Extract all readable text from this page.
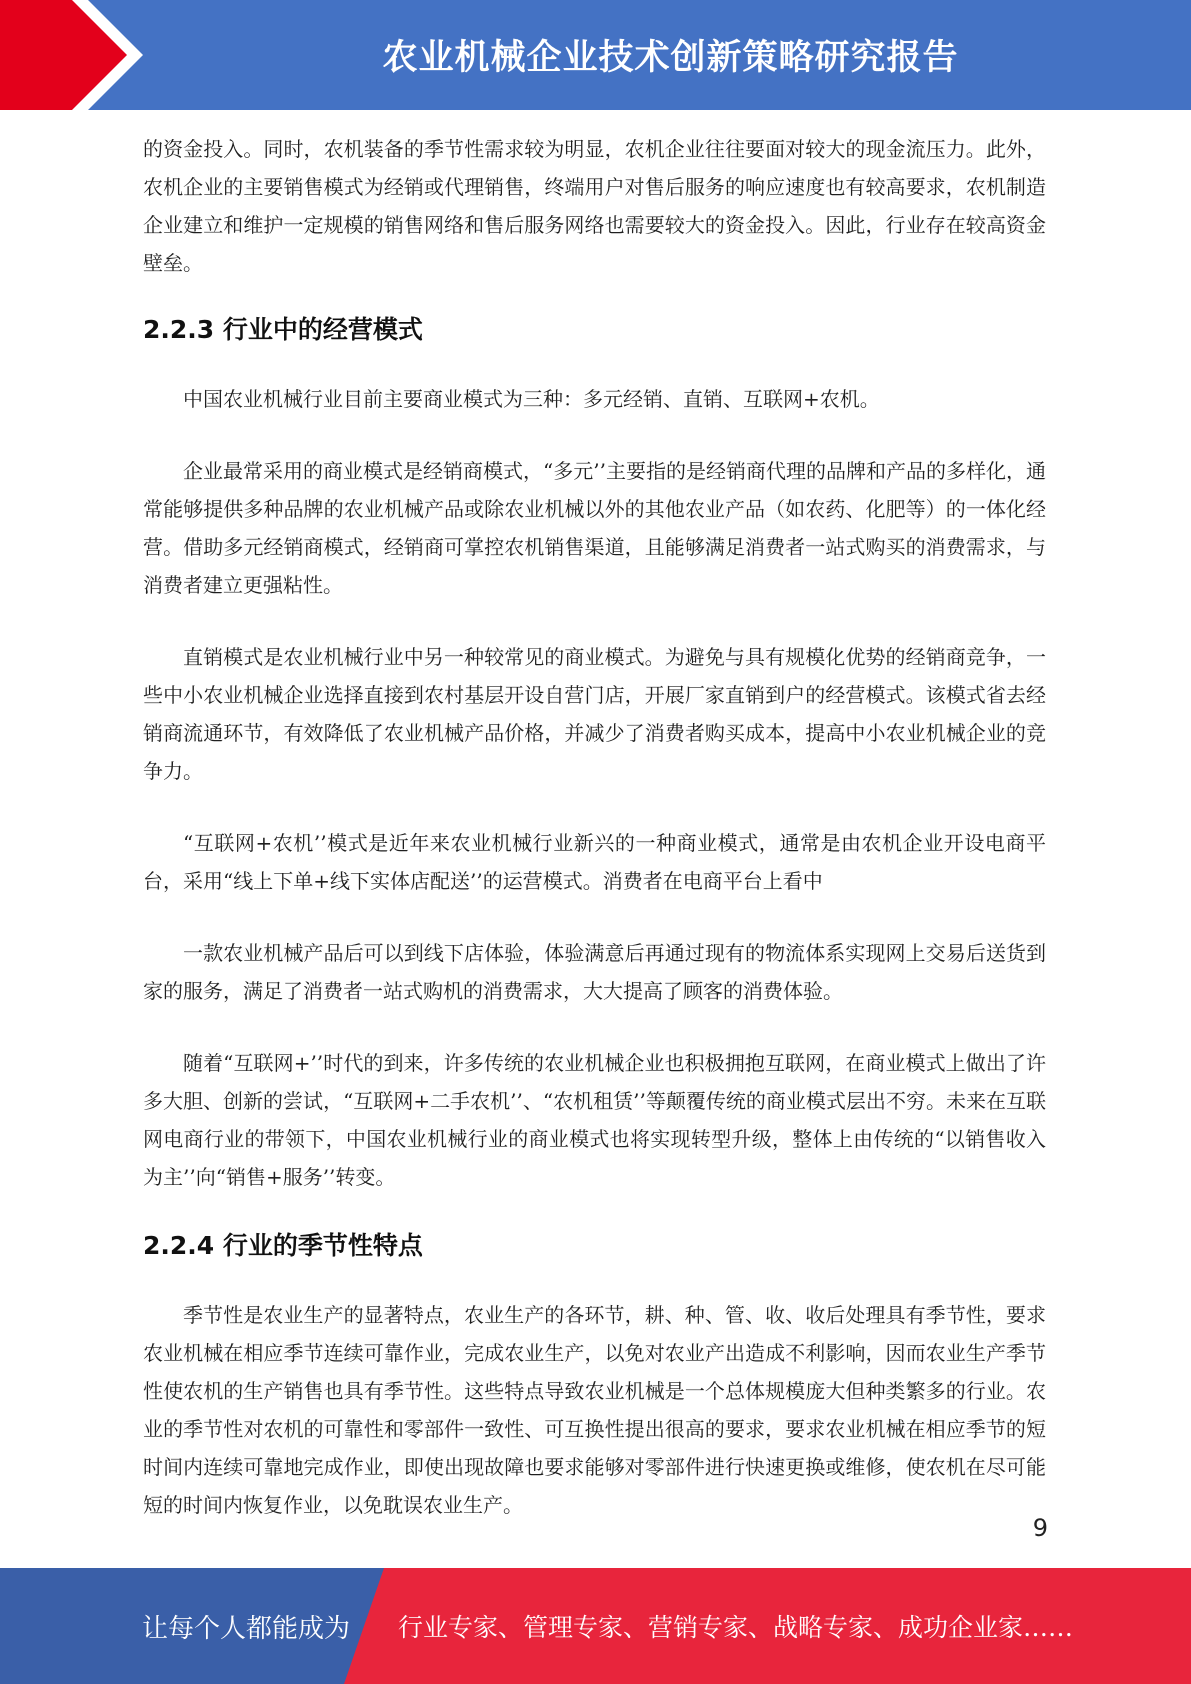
农业机械企业技术创新策略研究报告

的资金投入。同时，农机装备的季节性需求较为明显，农机企业往往要面对较大的现金流压力。此外，农机企业的主要销售模式为经销或代理销售，终端用户对售后服务的响应速度也有较高要求，农机制造企业建立和维护一定规模的销售网络和售后服务网络也需要较大的资金投入。因此，行业存在较高资金壁垒。

2.2.3 行业中的经营模式

中国农业机械行业目前主要商业模式为三种：多元经销、直销、互联网+农机。

企业最常采用的商业模式是经销商模式，“多元’’主要指的是经销商代理的品牌和产品的多样化，通常能够提供多种品牌的农业机械产品或除农业机械以外的其他农业产品（如农药、化肥等）的一体化经营。借助多元经销商模式，经销商可掌控农机销售渠道，且能够满足消费者一站式购买的消费需求，与消费者建立更强粘性。

直销模式是农业机械行业中另一种较常见的商业模式。为避免与具有规模化优势的经销商竞争，一些中小农业机械企业选择直接到农村基层开设自营门店，开展厂家直销到户的经营模式。该模式省去经销商流通环节，有效降低了农业机械产品价格，并减少了消费者购买成本，提高中小农业机械企业的竞争力。

“互联网+农机’’模式是近年来农业机械行业新兴的一种商业模式，通常是由农机企业开设电商平台，采用“线上下单+线下实体店配送’’的运营模式。消费者在电商平台上看中

一款农业机械产品后可以到线下店体验，体验满意后再通过现有的物流体系实现网上交易后送货到家的服务，满足了消费者一站式购机的消费需求，大大提高了顾客的消费体验。

随着“互联网+’’时代的到来，许多传统的农业机械企业也积极拥抱互联网，在商业模式上做出了许多大胆、创新的尝试，“互联网+二手农机’’、“农机租赁’’等颠覆传统的商业模式层出不穷。未来在互联网电商行业的带领下，中国农业机械行业的商业模式也将实现转型升级，整体上由传统的“以销售收入为主’’向“销售+服务’’转变。

2.2.4 行业的季节性特点

季节性是农业生产的显著特点，农业生产的各环节，耕、种、管、收、收后处理具有季节性，要求农业机械在相应季节连续可靠作业，完成农业生产，以免对农业产出造成不利影响，因而农业生产季节性使农机的生产销售也具有季节性。这些特点导致农业机械是一个总体规模庞大但种类繁多的行业。农业的季节性对农机的可靠性和零部件一致性、可互换性提出很高的要求，要求农业机械在相应季节的短时间内连续可靠地完成作业，即使出现故障也要求能够对零部件进行快速更换或维修，使农机在尽可能短的时间内恢复作业，以免耽误农业生产。

9
让每个人都能成为 行业专家、管理专家、营销专家、战略专家、成功企业家……
